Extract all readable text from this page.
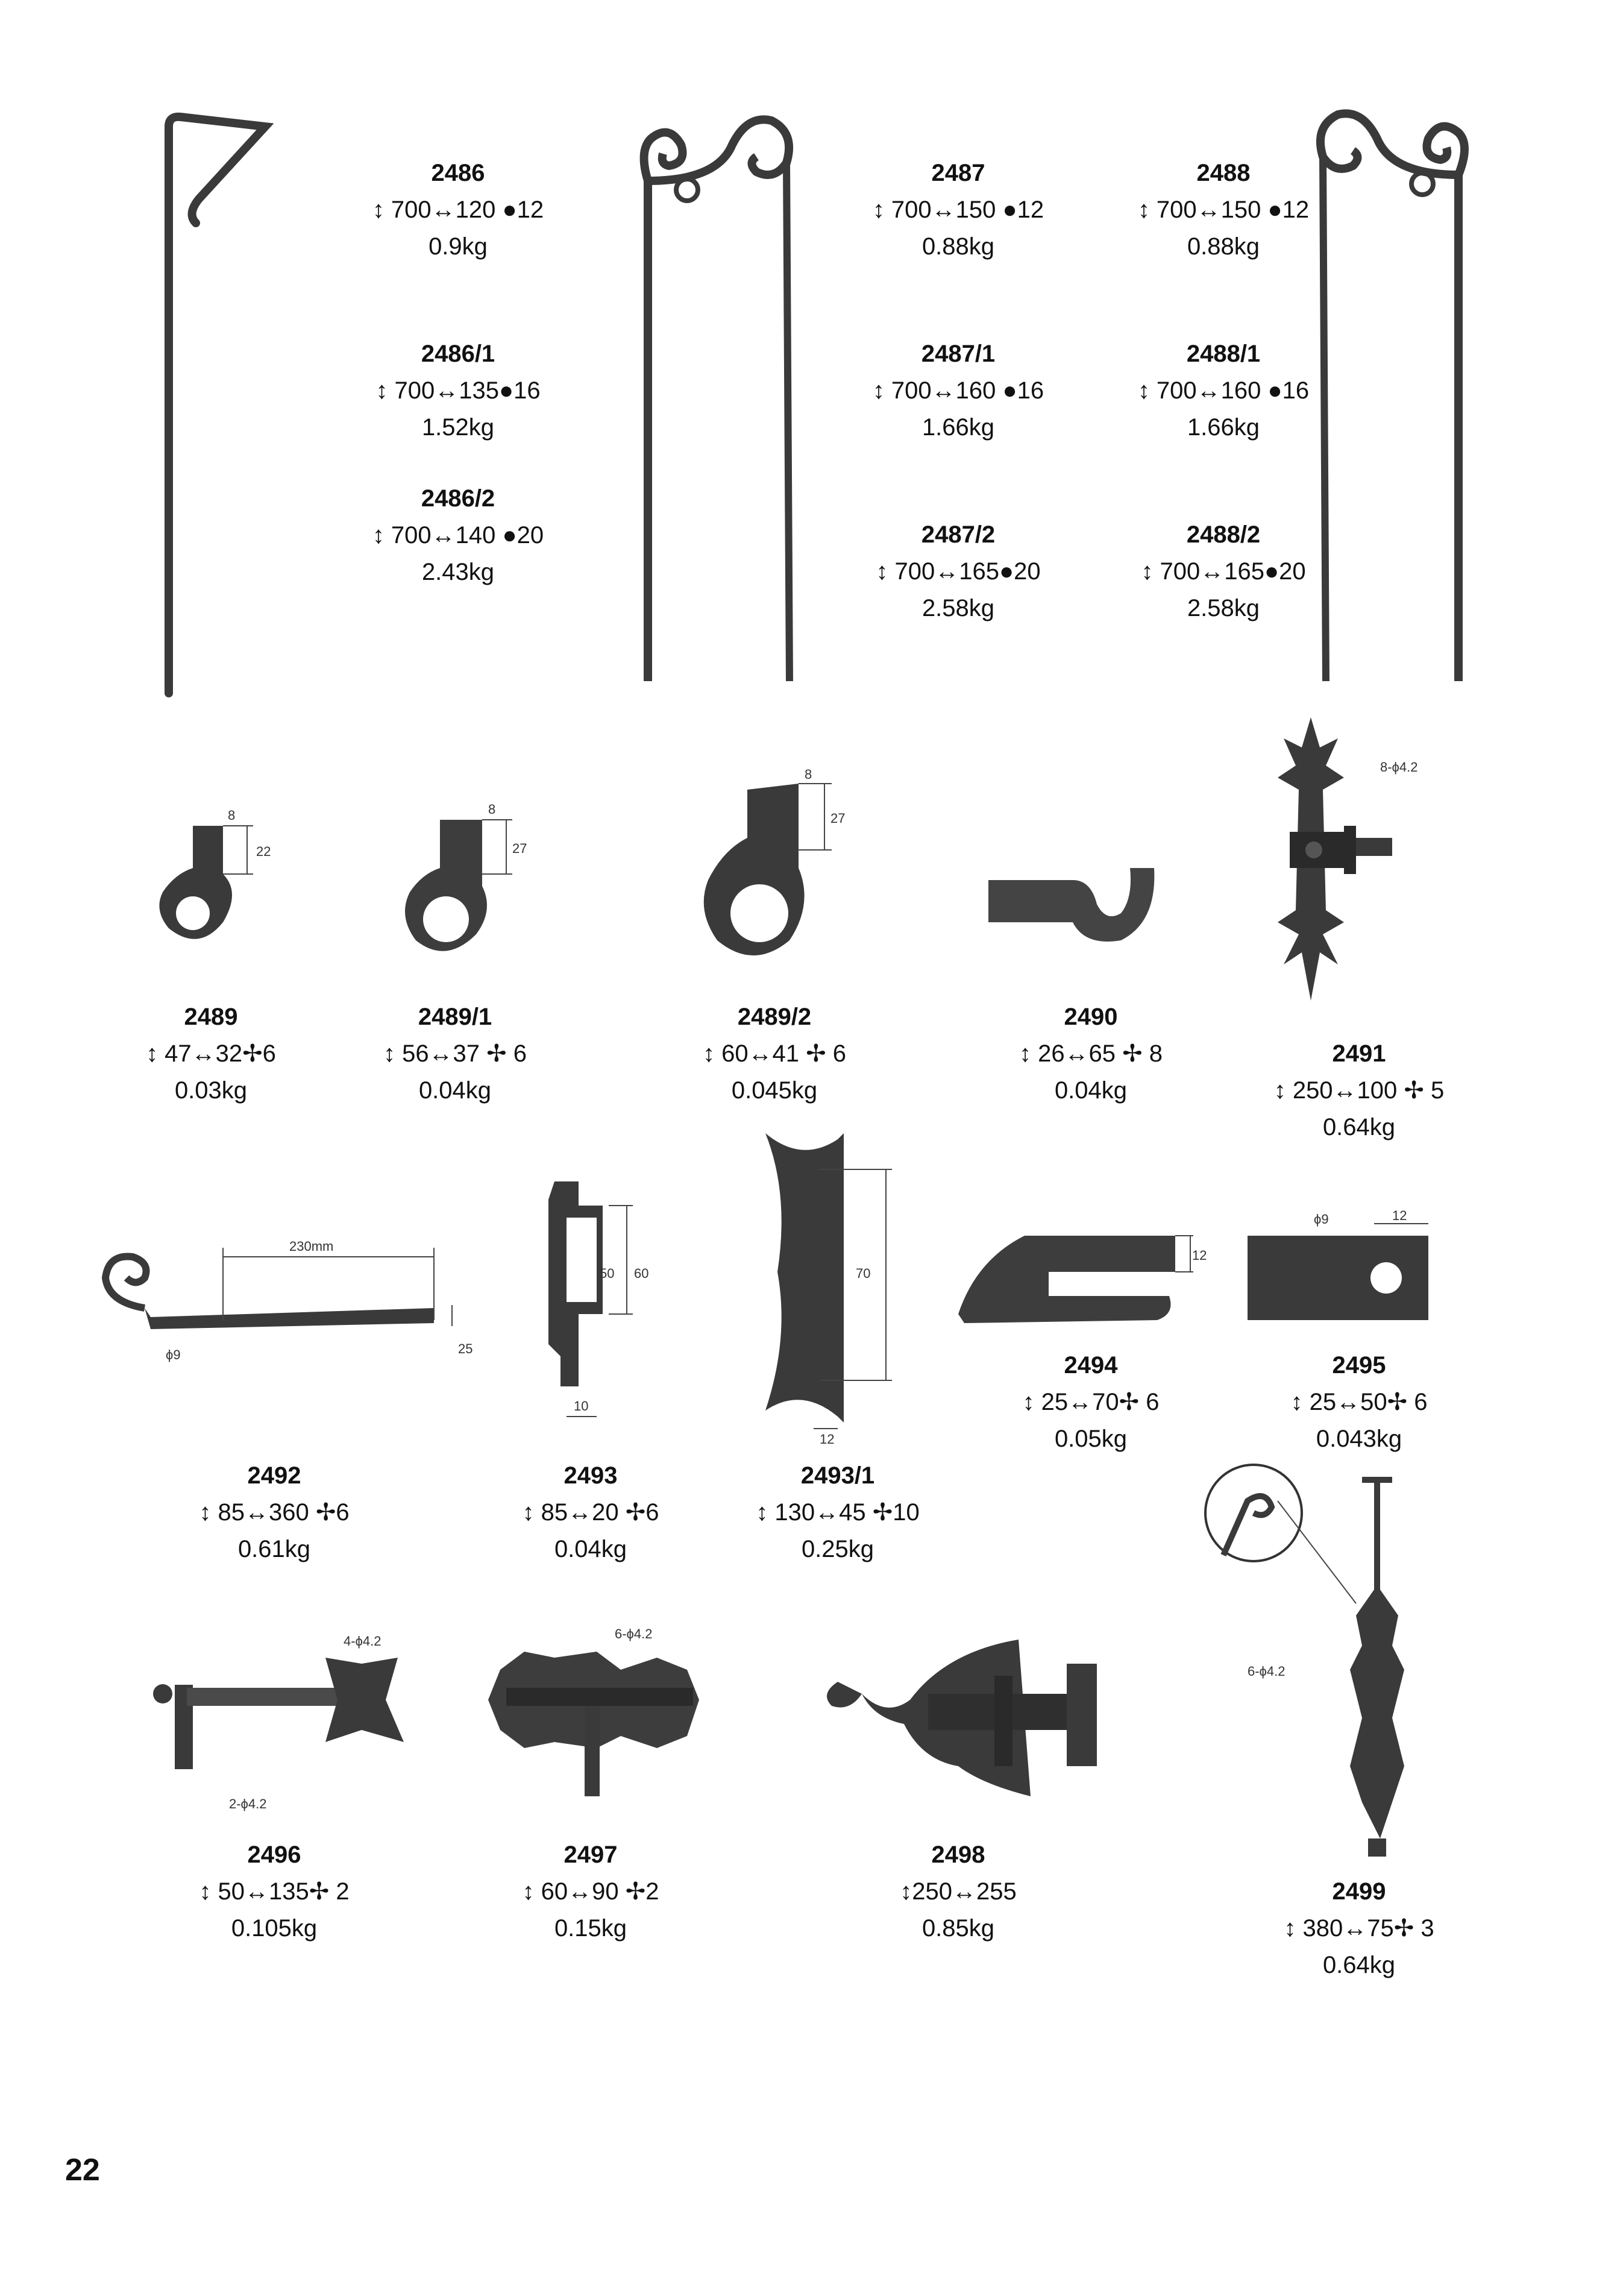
8
22
8
27
8
27
8-ϕ4.2
230mm
ϕ9	25
50 60
10
70
12
12
ϕ9	12
4-ϕ4.2
2-ϕ4.2
6-ϕ4.2
6-ϕ4.2
2486
↕ 700↔120 ●12
0.9kg
2486/1
↕ 700↔135●16
1.52kg
2486/2
↕ 700↔140 ●20
2.43kg
2487
↕ 700↔150 ●12
0.88kg
2487/1
↕ 700↔160 ●16
1.66kg
2487/2
↕ 700↔165●20
2.58kg
2488
↕ 700↔150 ●12
0.88kg
2488/1
↕ 700↔160 ●16
1.66kg
2488/2
↕ 700↔165●20
2.58kg
2489
↕ 47↔32✢6
0.03kg
2489/1
↕ 56↔37 ✢ 6
0.04kg
2489/2
↕ 60↔41 ✢ 6
0.045kg
2490
↕ 26↔65 ✢ 8
0.04kg
2491
↕ 250↔100 ✢ 5
0.64kg
2492
↕ 85↔360 ✢6
0.61kg
2493
↕ 85↔20 ✢6
0.04kg
2493/1
↕ 130↔45 ✢10
0.25kg
2494
↕ 25↔70✢ 6
0.05kg
2495
↕ 25↔50✢ 6
0.043kg
2496
↕ 50↔135✢ 2
0.105kg
2497
↕ 60↔90 ✢2
0.15kg
2498
↕250↔255
0.85kg
2499
↕ 380↔75✢ 3
0.64kg
22
